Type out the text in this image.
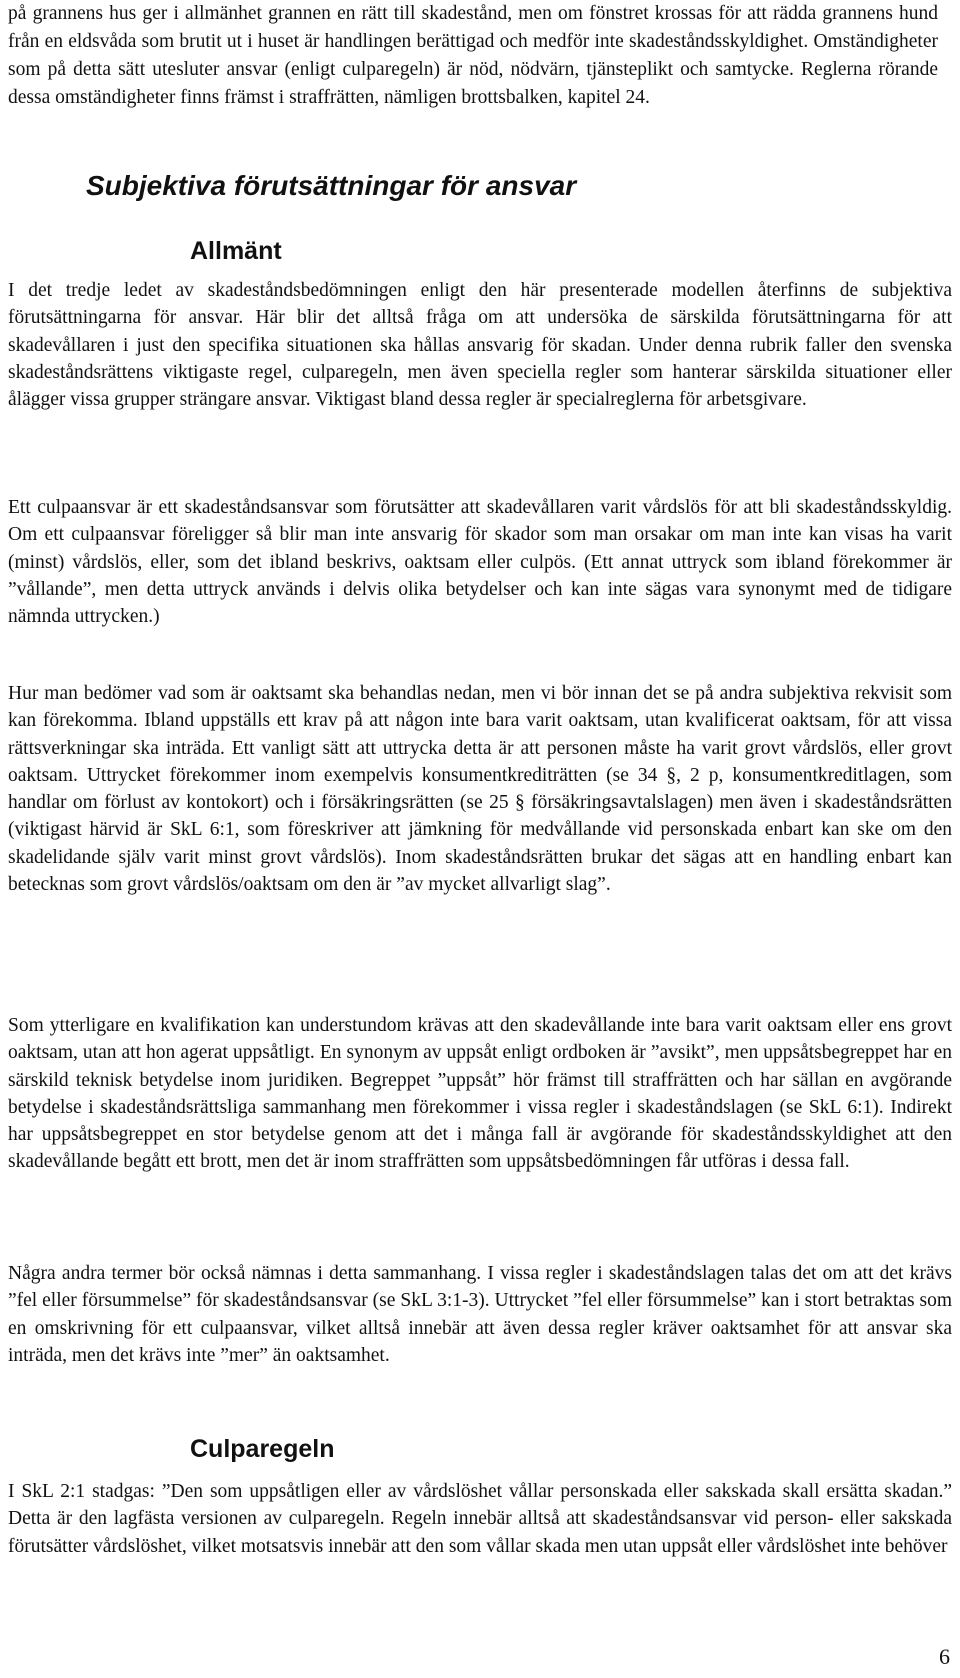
på grannens hus ger i allmänhet grannen en rätt till skadestånd, men om fönstret krossas för att rädda grannens hund från en eldsvåda som brutit ut i huset är handlingen berättigad och medför inte skadeståndsskyldighet. Omständigheter som på detta sätt utesluter ansvar (enligt culparegeln) är nöd, nödvärn, tjänsteplikt och samtycke. Reglerna rörande dessa omständigheter finns främst i straffrätten, nämligen brottsbalken, kapitel 24.

Subjektiva förutsättningar för ansvar
Allmänt

I det tredje ledet av skadeståndsbedömningen enligt den här presenterade modellen återfinns de subjektiva förutsättningarna för ansvar. Här blir det alltså fråga om att undersöka de särskilda förutsättningarna för att skadevållaren i just den specifika situationen ska hållas ansvarig för skadan. Under denna rubrik faller den svenska skadeståndsrättens viktigaste regel, culparegeln, men även speciella regler som hanterar särskilda situationer eller ålägger vissa grupper strängare ansvar. Viktigast bland dessa regler är specialreglerna för arbetsgivare.

Ett culpaansvar är ett skadeståndsansvar som förutsätter att skadevållaren varit vårdslös för att bli skadeståndsskyldig. Om ett culpaansvar föreligger så blir man inte ansvarig för skador som man orsakar om man inte kan visas ha varit (minst) vårdslös, eller, som det ibland beskrivs, oaktsam eller culpös. (Ett annat uttryck som ibland förekommer är ”vållande”, men detta uttryck används i delvis olika betydelser och kan inte sägas vara synonymt med de tidigare nämnda uttrycken.)

Hur man bedömer vad som är oaktsamt ska behandlas nedan, men vi bör innan det se på andra subjektiva rekvisit som kan förekomma. Ibland uppställs ett krav på att någon inte bara varit oaktsam, utan kvalificerat oaktsam, för att vissa rättsverkningar ska inträda. Ett vanligt sätt att uttrycka detta är att personen måste ha varit grovt vårdslös, eller grovt oaktsam. Uttrycket förekommer inom exempelvis konsumentkrediträtten (se 34 §, 2 p, konsumentkreditlagen, som handlar om förlust av kontokort) och i försäkringsrätten (se 25 § försäkringsavtalslagen) men även i skadeståndsrätten (viktigast härvid är SkL 6:1, som föreskriver att jämkning för medvållande vid personskada enbart kan ske om den skadelidande själv varit minst grovt vårdslös). Inom skadeståndsrätten brukar det sägas att en handling enbart kan betecknas som grovt vårdslös/oaktsam om den är ”av mycket allvarligt slag”.

Som ytterligare en kvalifikation kan understundom krävas att den skadevållande inte bara varit oaktsam eller ens grovt oaktsam, utan att hon agerat uppsåtligt. En synonym av uppsåt enligt ordboken är ”avsikt”, men uppsåtsbegreppet har en särskild teknisk betydelse inom juridiken. Begreppet ”uppsåt” hör främst till straffrätten och har sällan en avgörande betydelse i skadeståndsrättsliga sammanhang men förekommer i vissa regler i skadeståndslagen (se SkL 6:1). Indirekt har uppsåtsbegreppet en stor betydelse genom att det i många fall är avgörande för skadeståndsskyldighet att den skadevållande begått ett brott, men det är inom straffrätten som uppsåtsbedömningen får utföras i dessa fall.

Några andra termer bör också nämnas i detta sammanhang. I vissa regler i skadeståndslagen talas det om att det krävs ”fel eller försummelse” för skadeståndsansvar (se SkL 3:1-3). Uttrycket ”fel eller försummelse” kan i stort betraktas som en omskrivning för ett culpaansvar, vilket alltså innebär att även dessa regler kräver oaktsamhet för att ansvar ska inträda, men det krävs inte ”mer” än oaktsamhet.

Culparegeln

I SkL 2:1 stadgas: ”Den som uppsåtligen eller av vårdslöshet vållar personskada eller sakskada skall ersätta skadan.” Detta är den lagfästa versionen av culparegeln. Regeln innebär alltså att skadeståndsansvar vid person- eller sakskada förutsätter vårdslöshet, vilket motsatsvis innebär att den som vållar skada men utan uppsåt eller vårdslöshet inte behöver

6
